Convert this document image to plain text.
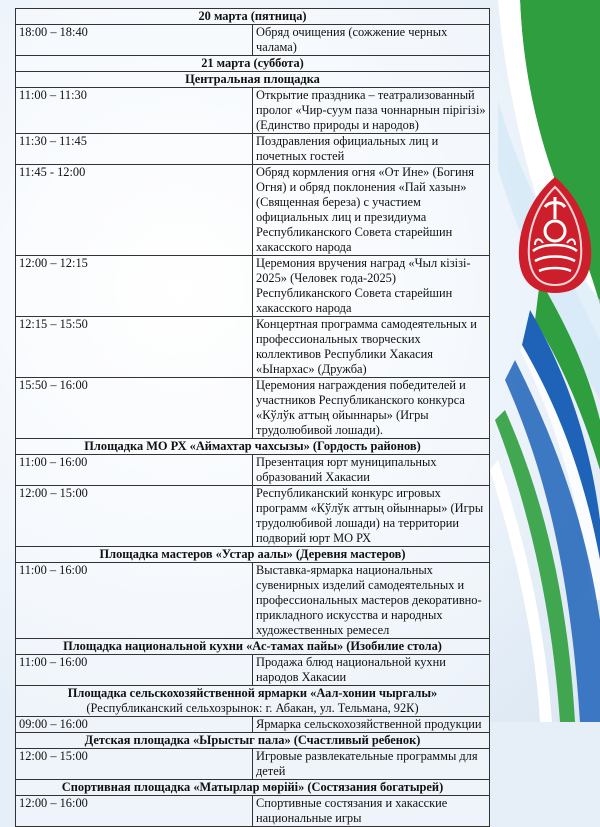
20 марта (пятница)	
18:00 – 18:40	Обряд очищения (сожжение черных чалама)
21 марта (суббота)	
Центральная площадка	
11:00 – 11:30	Открытие праздника – театрализованный пролог «Чир-суум паза чоннарнын пiрiгiзi» (Единство природы и народов)
11:30 – 11:45	Поздравления официальных лиц и почетных гостей
11:45 - 12:00	Обряд кормления огня «От Ине» (Богиня Огня) и обряд поклонения «Пай хазын» (Священная береза) с участием официальных лиц и президиума Республиканского Совета старейшин хакасского народа
12:00 – 12:15	Церемония вручения наград «Чыл кiзiзi-2025» (Человек года-2025) Республиканского Совета старейшин хакасского народа
12:15 – 15:50	Концертная программа самодеятельных и профессиональных творческих коллективов Республики Хакасия «Ынархас» (Дружба)
15:50 – 16:00	Церемония награждения победителей и участников Республиканского конкурса «Кўлўк аттың ойыннары» (Игры трудолюбивой лошади).
Площадка МО РХ «Аймахтар чахсызы» (Гордость районов)	
11:00 – 16:00	Презентация юрт муниципальных образований Хакасии
12:00 – 15:00	Республиканский конкурс игровых программ «Кўлўк аттың ойыннары» (Игры трудолюбивой лошади) на территории подворий юрт МО РХ
Площадка мастеров «Устар аалы» (Деревня мастеров)	
11:00 – 16:00	Выставка-ярмарка национальных сувенирных изделий самодеятельных и профессиональных мастеров декоративно-прикладного искусства и народных художественных ремесел
Площадка национальной кухни «Ас-тамах пайы» (Изобилие стола)	
11:00 – 16:00	Продажа блюд национальной кухни народов Хакасии

Площадка сельскохозяйственной ярмарки «Аал-хонии чыргалы»
(Республиканский сельхозрынок: г. Абакан, ул. Тельмана, 92К)	

09:00 – 16:00	Ярмарка сельскохозяйственной продукции
Детская площадка «Ырыстыг пала» (Счастливый ребенок)	
12:00 – 15:00	Игровые развлекательные программы для детей
Спортивная площадка «Матырлар мөрiйi» (Состязания богатырей)	
12:00 – 16:00	Спортивные состязания и хакасские национальные игры
